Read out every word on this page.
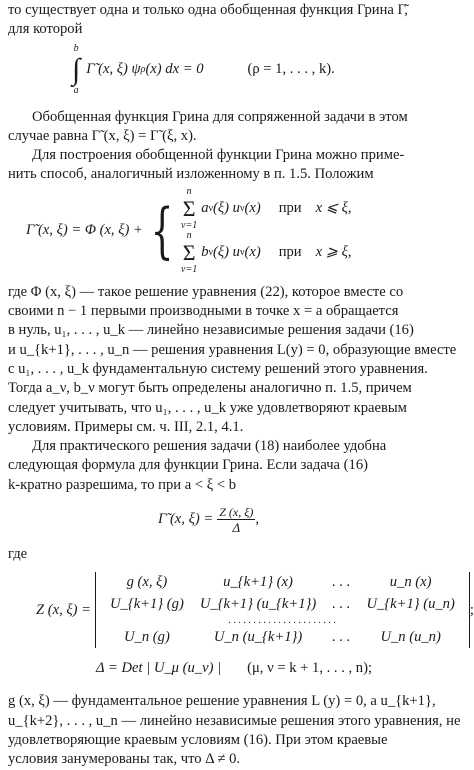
то существует одна и только одна обобщенная функция Грина Γ̃,
для которой
b
∫
a
Γ̃ (x, ξ) ψ ρ (x) dx = 0	(ρ = 1, . . . , k).
Обобщенная функция Грина для сопряженной задачи в этом
случае равна Γ̃ (x, ξ) = Γ̃ (ξ, x).
Для построения обобщенной функции Грина можно приме-
нить способ, аналогичный изложенному в п. 1.5. Положим
Γ̃ (x, ξ) = Φ (x, ξ) + {
n
Σ
ν=1
a ν (ξ) u ν (x) при x ⩽ ξ,
n
Σ
ν=1
b ν (ξ) u ν (x) при x ⩾ ξ,
где Φ (x, ξ) — такое решение уравнения (22), которое вместе со
своими n − 1 первыми производными в точке x = a обращается
в нуль, u₁, . . . , u_k — линейно независимые решения задачи (16)
и u_{k+1}, . . . , u_n — решения уравнения L(y) = 0, образующие вместе
с u₁, . . . , u_k фундаментальную систему решений этого уравнения.
Тогда a_ν, b_ν могут быть определены аналогично п. 1.5, причем
следует учитывать, что u₁, . . . , u_k уже удовлетворяют краевым
условиям. Примеры см. ч. III, 2.1, 4.1.
Для практического решения задачи (18) наиболее удобна
следующая формула для функции Грина. Если задача (16)
k-кратно разрешима, то при a < ξ < b
Γ̃ (x, $\xi) = \frac{Z (x, \xi)}{\Delta}$ ,
где
Z (x, ξ) =
g (x, ξ)	u_{k+1} (x)	. . .	u_n (x)
U_{k+1} (g)	U_{k+1} (u_{k+1})	. . .	U_{k+1} (u_n)
. . . . . . . . . . . . . . . . . . . . . .			
U_n (g)	U_n (u_{k+1})	. . .	U_n (u_n)
;
Δ = Det | U_μ (u_ν) | (μ, ν = k + 1, . . . , n);
g (x, ξ) — фундаментальное решение уравнения L (y) = 0, а u_{k+1},
u_{k+2}, . . . , u_n — линейно независимые решения этого уравнения, не
удовлетворяющие краевым условиям (16). При этом краевые
условия занумерованы так, что Δ ≠ 0.
